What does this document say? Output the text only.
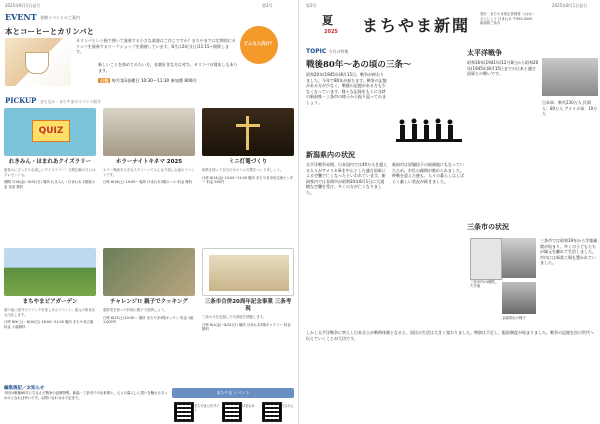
第3号
2025年8月1日発行
EVENT 各館イベントのご案内
本とコーヒーとカリンバと
カリンバという指で弾いて演奏する小さな楽器はご存じですか？まちやまでは定期的にカリンバを演奏するワークショップを開催しています。8月は24日(日)11:15~開催します。
どんな人向け？
新しいことを初めてみたい方、音楽好きな方はぜひ。カリンバの貸出しもあります。
日程 毎月第3金曜日 10:30〜11:30 参加費 800円
PICKUP まちなか・まちやまのイベント紹介
QUIZ
れきみん・ほまれあクイズラリー
夏休みにぴったりな楽しいクイズラリー！全問正解の方にはプレゼントも。
期間 7/18(金)~8/31(日) 場所 れきみん・ほまれあ 1階展示室 参加 無料
ホラーナイトキネマ 2025
ホラー映画を大きなスクリーンでみんなで楽しむ夜のイベントです。
日時 8/16(土) 19:00~ 場所 ほまれあ3階ホール 料金 無料
ミニ灯篭づくり
和紙を使って自分だけのミニ灯篭をつくりましょう。
日時 8/14(金) 10:00~11:00 場所 まちやま市民交流センター 料金 500円
まちやまピアガーデン
夏の夜に屋外でドリンクを楽しめるイベント。地元の飲食店も出店します。
日時 8/9(土)・8/10(日) 16:00~21:00 場所 まちやま広場 料金 入場無料
チャレンジ!! 親子でクッキング
夏野菜を使った料理に親子で挑戦しよう。
日時 8/23(土)10:30〜 場所 まちやま3階キッチン 料金 1組1,000円
三条市合併20周年記念事業 三条考現
三条の今を記録した写真展を開催します。
日時 8/1(金)~8/31(日) 場所 ほまれあ2階ギャラリー 料金 無料
編集後記／お知らせ
今回は戦後80年にちなんだ戦争の記憶特集。新潟・三条市での出来事と、人々の暮らしに思いを馳せるきっかけとなれば幸いです。お問い合わせは下記まで。
まちやま イベント
まちやま公式サイト
ほまれあ	れきみん
第3号	2025年8月1日発行
夏
2025 まちやま新聞
発行：まちやま指定管理者 つばめ・さんじょう ほまれあ 〒955-0000 新潟県三条市
TOPIC 今月の特集
戦後80年〜あの頃の三条〜
昭和20年(1945年)8月15日、戦争が終わりました。今年で80年が経ちます。戦争の記憶がある方が少なく、戦後の記憶がある方も少なくなっています。様々な記録をもとに当時の新潟県・三条市の様子から振り返ってみましょう。
新潟県内の状況
太平洋戦争末期、日本国内では40万人を超える人々がアメリカ軍を中心とした連合国軍による空襲で亡くなったといわれています。新潟県内では長岡市が昭和20年8月1日に大規模な空襲を受け、多くの方が亡くなりました。
新潟市は原爆投下の候補地にもなっていたため、市民の疎開が進められました。終戦を迎えた後も、人々の暮らしはしばらく厳しい状況が続きました。
太平洋戦争
昭和16年(1941年)12月8日から昭和20年(1945年)8月15日までの日本と連合国軍との戦いです。
日本軍：戦死230万人 民間人：80万人 アメリカ軍：10万人
三条市の状況
三条市内の疎開した学童
金属供出の様子
三条市では昭和19年から学童疎開が始まり、多くの子どもたちが親元を離れて生活しました。市内には軍需工場も置かれていました。
しかし太平洋戦争に突入し日本全土が戦時体制となると、国民の生活は大きく変わりました。物資は不足し、配給制度が始まりました。戦争の記憶を次の世代へ伝えていくことが大切です。
